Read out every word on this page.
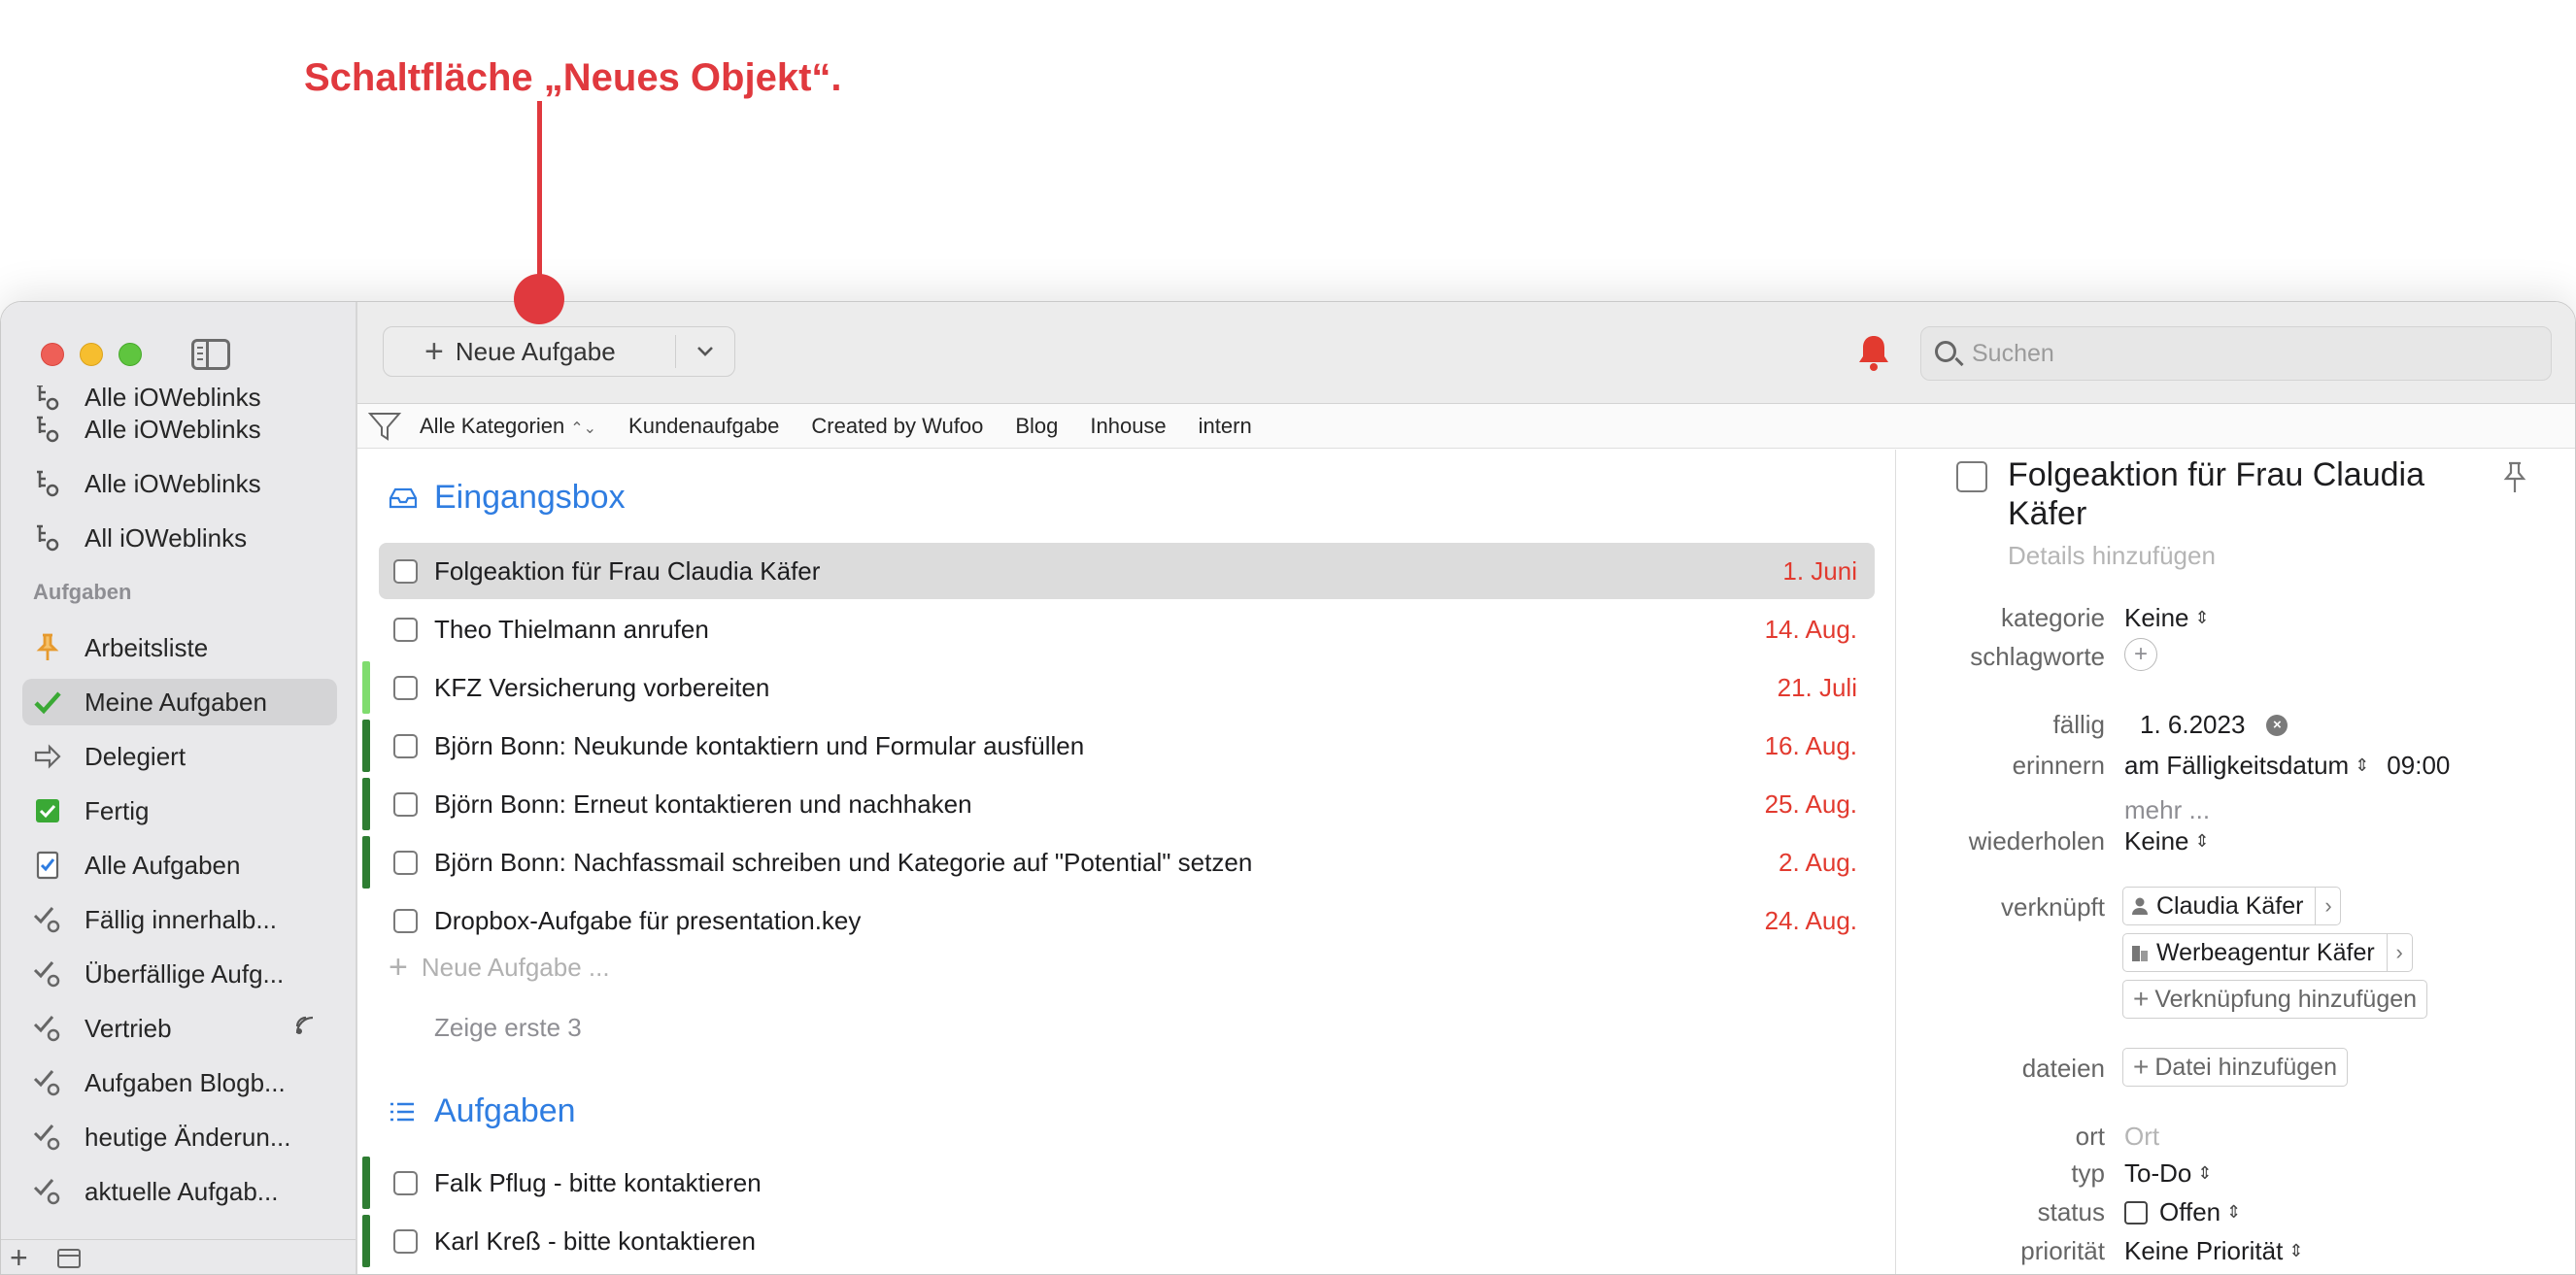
Schaltfläche „Neues Objekt“.
Alle iOWeblinks
Alle iOWeblinks
Alle iOWeblinks
All iOWeblinks
Aufgaben
Arbeitsliste
Meine Aufgaben
Delegiert
Fertig
Alle Aufgaben
Fällig innerhalb...
Überfällige Aufg...
Vertrieb
Aufgaben Blogb...
heutige Änderun...
aktuelle Aufgab...
+
+ Neue Aufgabe	Suchen
Alle Kategorien ⌃⌄ Kundenaufgabe Created by Wufoo Blog Inhouse intern
Eingangsbox
Folgeaktion für Frau Claudia Käfer	1. Juni
Theo Thielmann anrufen	14. Aug.
KFZ Versicherung vorbereiten	21. Juli
Björn Bonn: Neukunde kontaktiern und Formular ausfüllen	16. Aug.
Björn Bonn: Erneut kontaktieren und nachhaken	25. Aug.
Björn Bonn: Nachfassmail schreiben und Kategorie auf "Potential" setzen	2. Aug.
Dropbox-Aufgabe für presentation.key	24. Aug.
+ Neue Aufgabe ...
Zeige erste 3
Aufgaben
Falk Pflug - bitte kontaktieren
Karl Kreß - bitte kontaktieren
Folgeaktion für Frau Claudia Käfer
Details hinzufügen
kategorie Keine ⇕
schlagworte	+
fällig 1. 6.2023	×
erinnern am Fälligkeitsdatum ⇕ 09:00
mehr ...
wiederholen Keine ⇕
verknüpft Claudia Käfer ›
Werbeagentur Käfer ›
+ Verknüpfung hinzufügen
dateien + Datei hinzufügen
ort Ort
typ To-Do ⇕
status Offen ⇕
priorität Keine Priorität ⇕
